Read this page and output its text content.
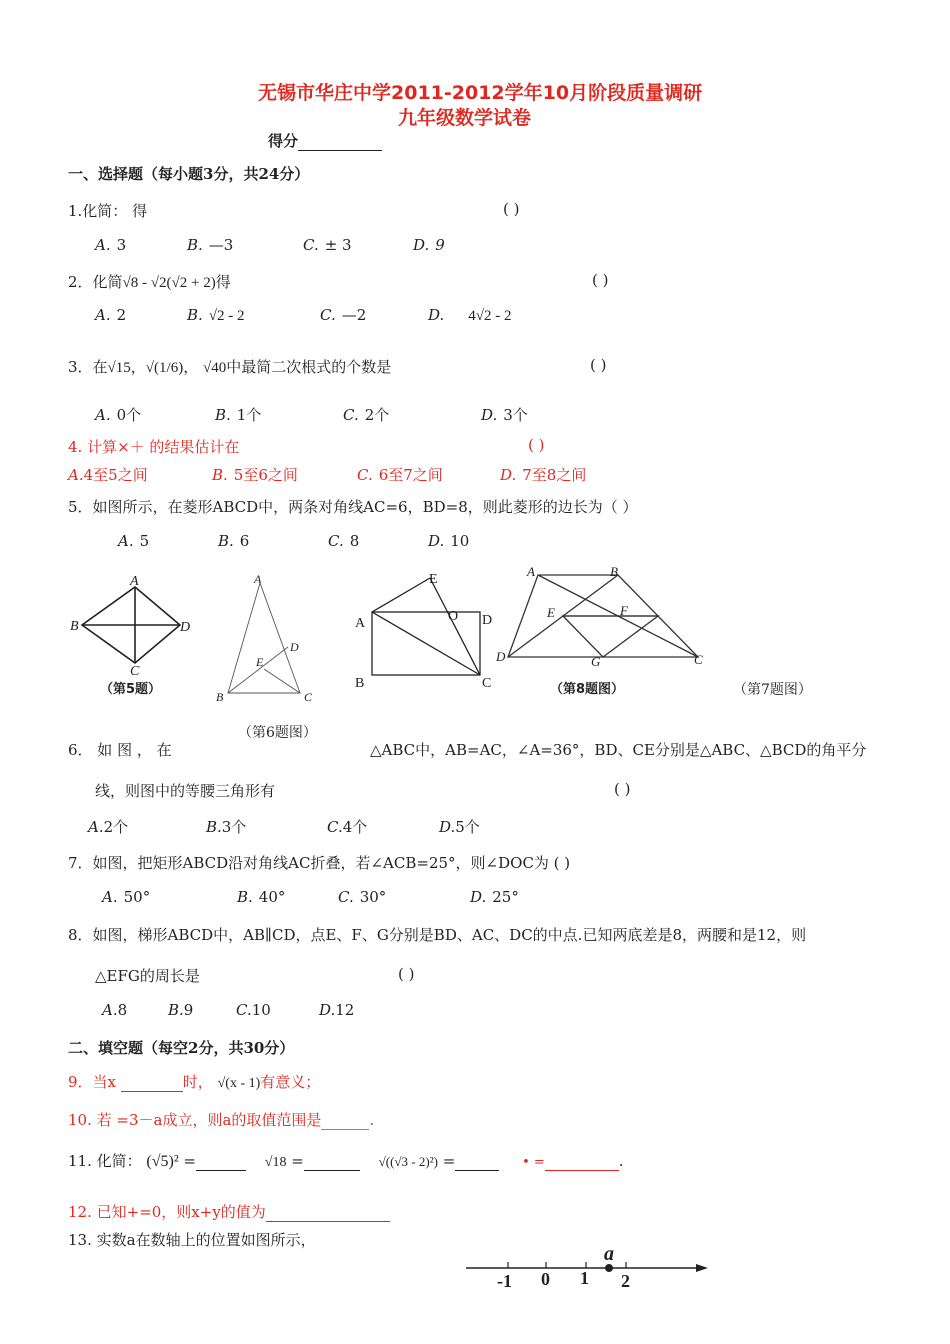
无锡市华庄中学2011-2012学年10月阶段质量调研
九年级数学试卷
得分
一、选择题（每小题3分，共24分）
1.化简： 得	( )
A. 3	B. —3	C. ± 3	D. 9
2．化简√8 - √2(√2 + 2)得	( )
A. 2	B. √2 - 2	C. —2	D. 4√2 - 2
3．在√15，√(1/6)， √40中最简二次根式的个数是	( )
A. 0个	B. 1个	C. 2个	D. 3个
4. 计算×＋ 的结果估计在	( )
A.4至5之间	B. 5至6之间	C. 6至7之间	D. 7至8之间
5．如图所示，在菱形ABCD中，两条对角线AC=6，BD=8，则此菱形的边长为（ ）
A. 5	B. 6	C. 8	D. 10
A
B	D
C
A
B	C
D
E
A
B	C
D
E
O
A	B
D	C
E	F
G
（第5题）
（第6题图）
（第8题图）	（第7题图）
6． 如 图 ， 在	△ABC中，AB=AC，∠A=36°，BD、CE分别是△ABC、△BCD的角平分
线，则图中的等腰三角形有	( )
A.2个	B.3个	C.4个	D.5个
7．如图，把矩形ABCD沿对角线AC折叠，若∠ACB=25°，则∠DOC为 ( )
A. 50°	B. 40°	C. 30°	D. 25°
8．如图，梯形ABCD中，AB∥CD，点E、F、G分别是BD、AC、DC的中点.已知两底差是8，两腰和是12，则
△EFG的周长是	( )
A.8	B.9	C.10	D.12
二、填空题（每空2分，共30分）
9．当x	时， √(x - 1)有意义；
10. 若 =3－a成立，则a的取值范围是	.
11. 化简： (√5)² =	√18 =	√((√3 - 2)²) =	• =	.
12. 已知+=0，则x+y的值为
13. 实数a在数轴上的位置如图所示，
a
-1 0 1 2
